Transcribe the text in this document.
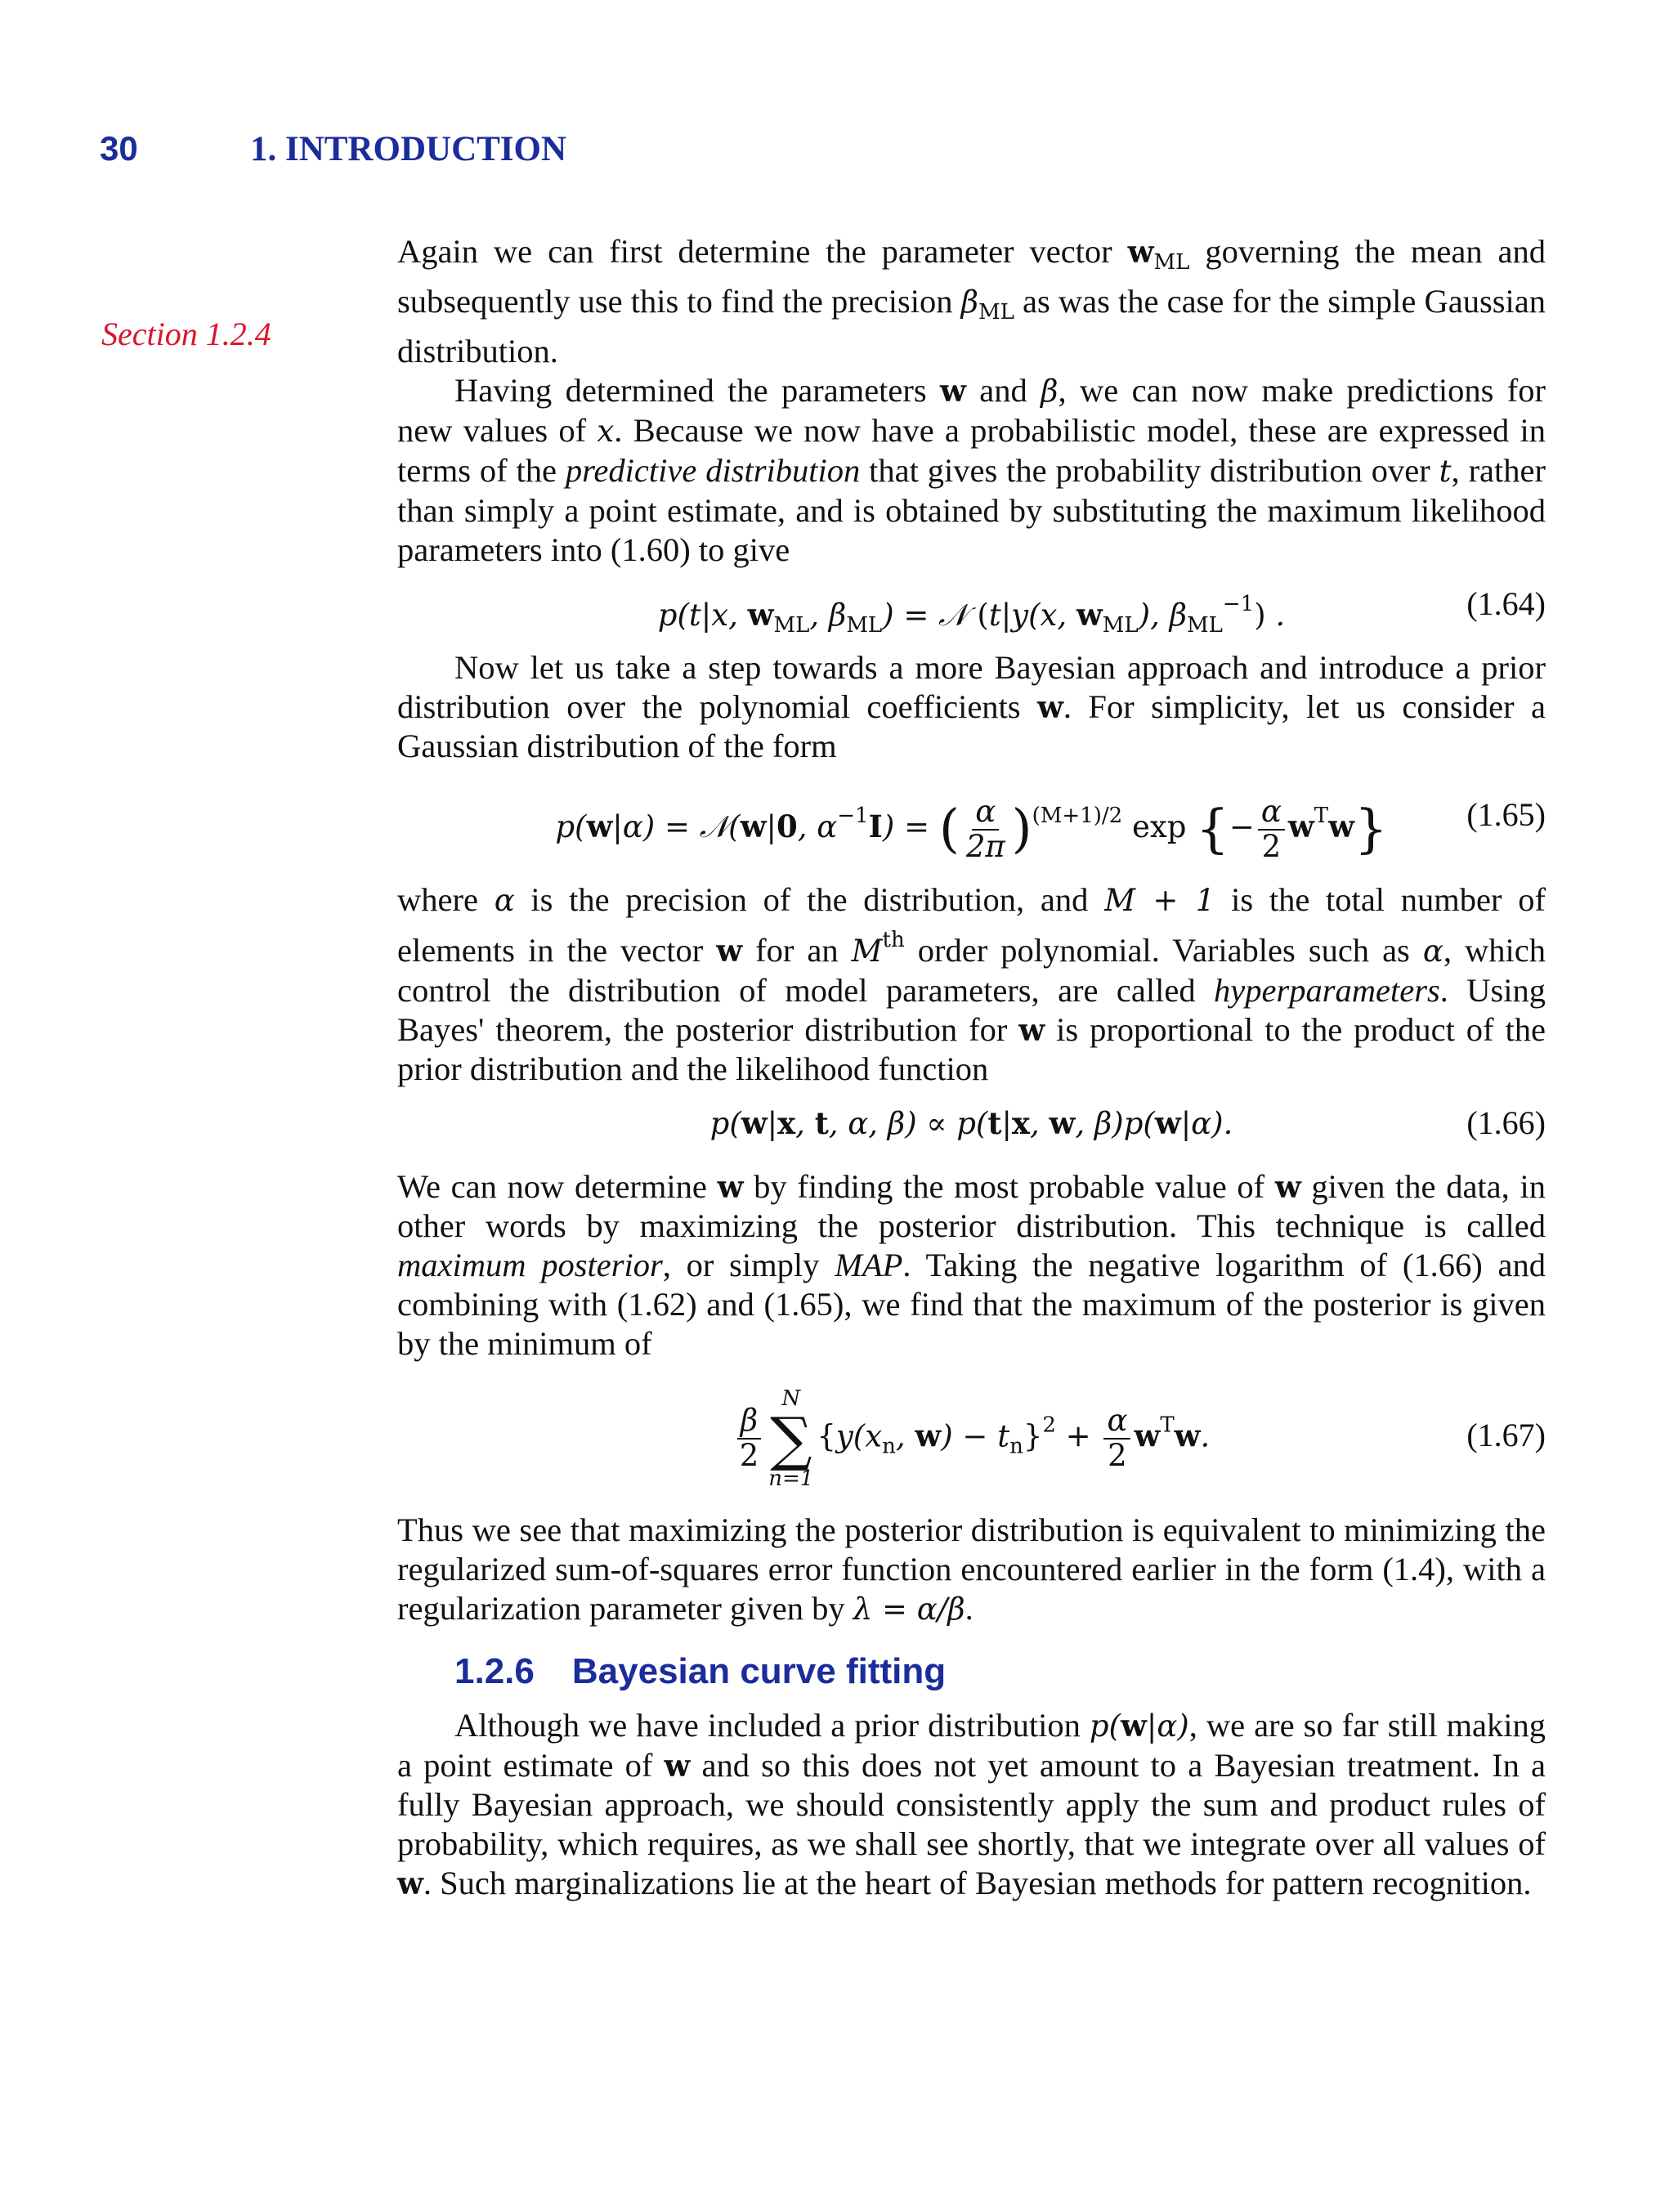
30	1. INTRODUCTION
Section 1.2.4

Again we can first determine the parameter vector $w_{ML}$ governing the mean and subsequently use this to find the precision $\beta_{ML}$ as was the case for the simple Gaussian distribution.

Having determined the parameters w and β, we can now make predictions for new values of x. Because we now have a probabilistic model, these are expressed in terms of the predictive distribution that gives the probability distribution over t, rather than simply a point estimate, and is obtained by substituting the maximum likelihood parameters into (1.60) to give

p(t|x, $w_{ML}$, $\beta_{ML}$) = 𝒩 (t|y(x, $w_{ML}$), $\beta_{ML}^{-1}$) .	(1.64)

Now let us take a step towards a more Bayesian approach and introduce a prior distribution over the polynomial coefficients w. For simplicity, let us consider a Gaussian distribution of the form

p(w|α) = 𝒩(w|0, $\alpha^{-1}I$) = ( $\frac{\alpha}{2\pi} )^{(M+1)/2}$ exp {− $\frac{\alpha}{2} w^Tw$}	(1.65)

where α is the precision of the distribution, and M + 1 is the total number of elements in the vector w for an Mth order polynomial. Variables such as α, which control the distribution of model parameters, are called hyperparameters. Using Bayes' theorem, the posterior distribution for w is proportional to the product of the prior distribution and the likelihood function

p(w|x, t, α, β) ∝ p(t|x, w, β)p(w|α).	(1.66)

We can now determine w by finding the most probable value of w given the data, in other words by maximizing the posterior distribution. This technique is called maximum posterior, or simply MAP. Taking the negative logarithm of (1.66) and combining with (1.62) and (1.65), we find that the maximum of the posterior is given by the minimum of

$\frac{\beta}{2}$
N
∑
n=1
{$y(x_n$, $w) - t_n\}^2 + \frac{\alpha}{2} w^Tw$.	(1.67)

Thus we see that maximizing the posterior distribution is equivalent to minimizing the regularized sum-of-squares error function encountered earlier in the form (1.4), with a regularization parameter given by λ = α/β.

1.2.6 Bayesian curve fitting

Although we have included a prior distribution p(w|α), we are so far still making a point estimate of w and so this does not yet amount to a Bayesian treatment. In a fully Bayesian approach, we should consistently apply the sum and product rules of probability, which requires, as we shall see shortly, that we integrate over all values of w. Such marginalizations lie at the heart of Bayesian methods for pattern recognition.
